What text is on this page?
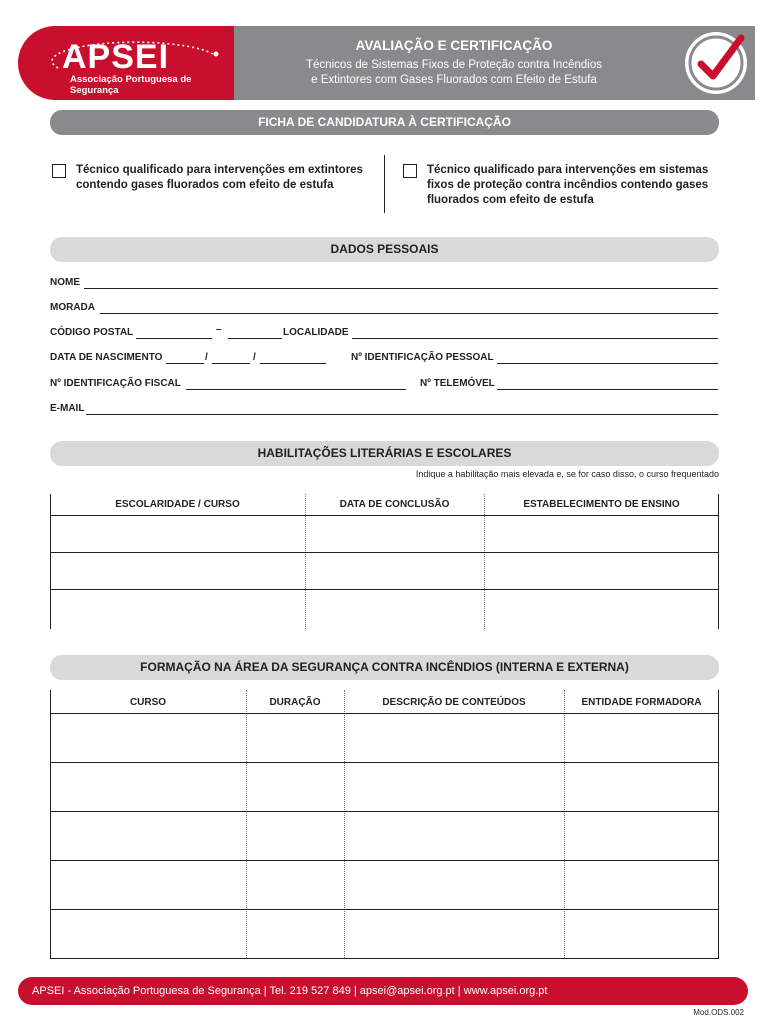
APSEI
Associação Portuguesa de Segurança
AVALIAÇÃO E CERTIFICAÇÃO
Técnicos de Sistemas Fixos de Proteção contra Incêndios
e Extintores com Gases Fluorados com Efeito de Estufa
FICHA DE CANDIDATURA À CERTIFICAÇÃO
Técnico qualificado para intervenções em extintores
contendo gases fluorados com efeito de estufa
Técnico qualificado para intervenções em sistemas
fixos de proteção contra incêndios contendo gases
fluorados com efeito de estufa
DADOS PESSOAIS
NOME
MORADA
CÓDIGO POSTAL	–	LOCALIDADE
DATA DE NASCIMENTO	/	/	Nº IDENTIFICAÇÃO PESSOAL
Nº IDENTIFICAÇÃO FISCAL	Nº TELEMÓVEL
E-MAIL
HABILITAÇÕES LITERÁRIAS E ESCOLARES
Indique a habilitação mais elevada e, se for caso disso, o curso frequentado
ESCOLARIDADE / CURSO	DATA DE CONCLUSÃO	ESTABELECIMENTO DE ENSINO
FORMAÇÃO NA ÁREA DA SEGURANÇA CONTRA INCÊNDIOS (INTERNA E EXTERNA)
CURSO	DURAÇÃO	DESCRIÇÃO DE CONTEÚDOS	ENTIDADE FORMADORA
APSEI - Associação Portuguesa de Segurança | Tel. 219 527 849 | apsei@apsei.org.pt | www.apsei.org.pt
Mod.ODS.002
